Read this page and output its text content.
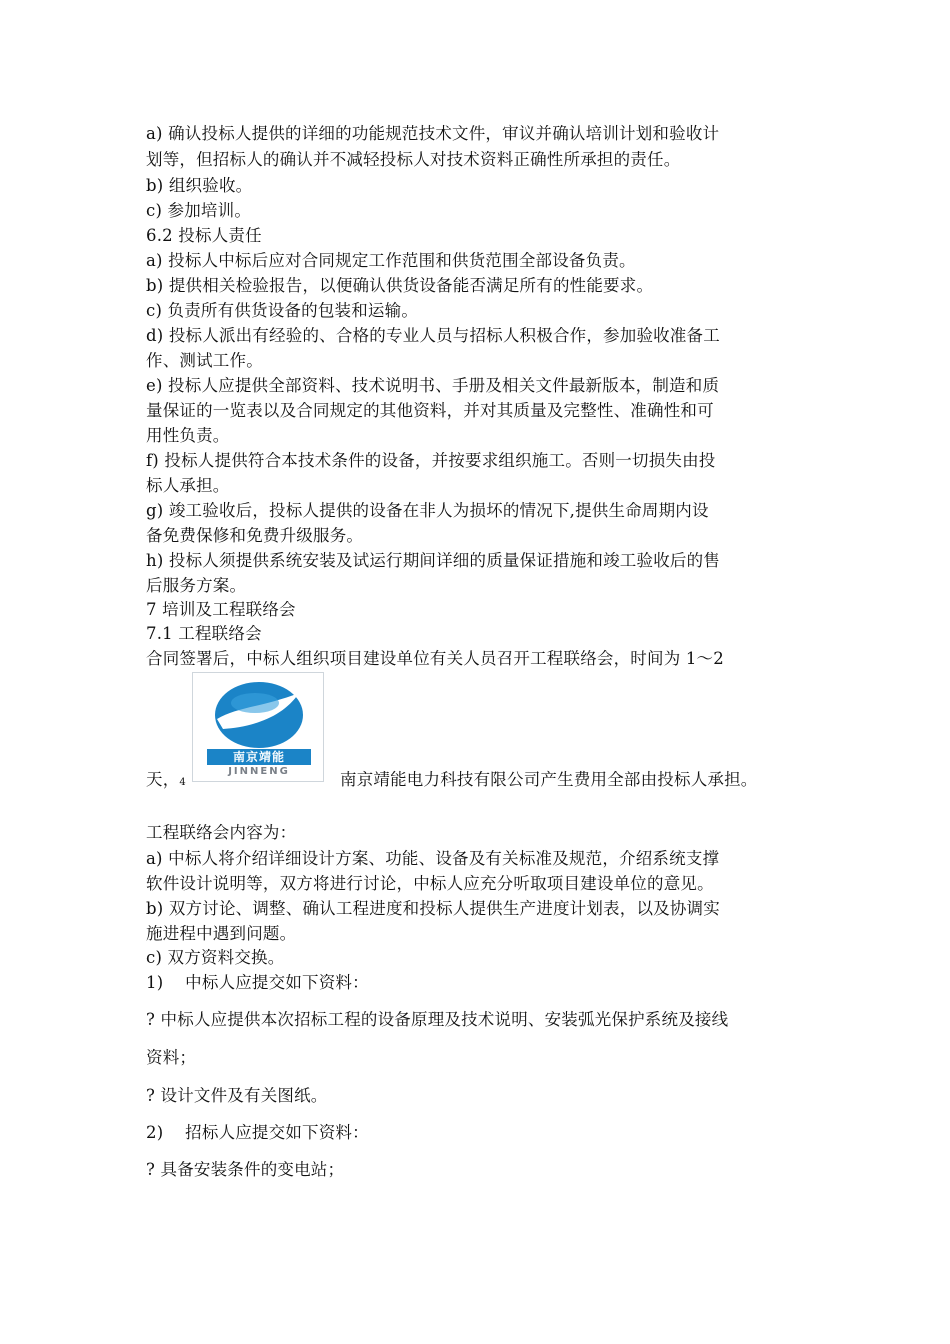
a) 确认投标人提供的详细的功能规范技术文件，审议并确认培训计划和验收计

划等，但招标人的确认并不减轻投标人对技术资料正确性所承担的责任。

b) 组织验收。

c) 参加培训。

6.2 投标人责任

a) 投标人中标后应对合同规定工作范围和供货范围全部设备负责。

b) 提供相关检验报告，以便确认供货设备能否满足所有的性能要求。

c) 负责所有供货设备的包装和运输。

d) 投标人派出有经验的、合格的专业人员与招标人积极合作，参加验收准备工

作、测试工作。

e) 投标人应提供全部资料、技术说明书、手册及相关文件最新版本，制造和质

量保证的一览表以及合同规定的其他资料，并对其质量及完整性、准确性和可

用性负责。

f) 投标人提供符合本技术条件的设备，并按要求组织施工。否则一切损失由投

标人承担。

g) 竣工验收后，投标人提供的设备在非人为损坏的情况下,提供生命周期内设

备免费保修和免费升级服务。

h) 投标人须提供系统安装及试运行期间详细的质量保证措施和竣工验收后的售

后服务方案。

7 培训及工程联络会

7.1 工程联络会

合同签署后，中标人组织项目建设单位有关人员召开工程联络会，时间为 1～2

南京靖能
JINNENG

天，4	南京靖能电力科技有限公司产生费用全部由投标人承担。

工程联络会内容为：

a) 中标人将介绍详细设计方案、功能、设备及有关标准及规范，介绍系统支撑

软件设计说明等，双方将进行讨论，中标人应充分听取项目建设单位的意见。

b) 双方讨论、调整、确认工程进度和投标人提供生产进度计划表，以及协调实

施进程中遇到问题。

c) 双方资料交换。

1)    中标人应提交如下资料：

? 中标人应提供本次招标工程的设备原理及技术说明、安装弧光保护系统及接线

资料；

? 设计文件及有关图纸。

2)    招标人应提交如下资料：

? 具备安装条件的变电站；
